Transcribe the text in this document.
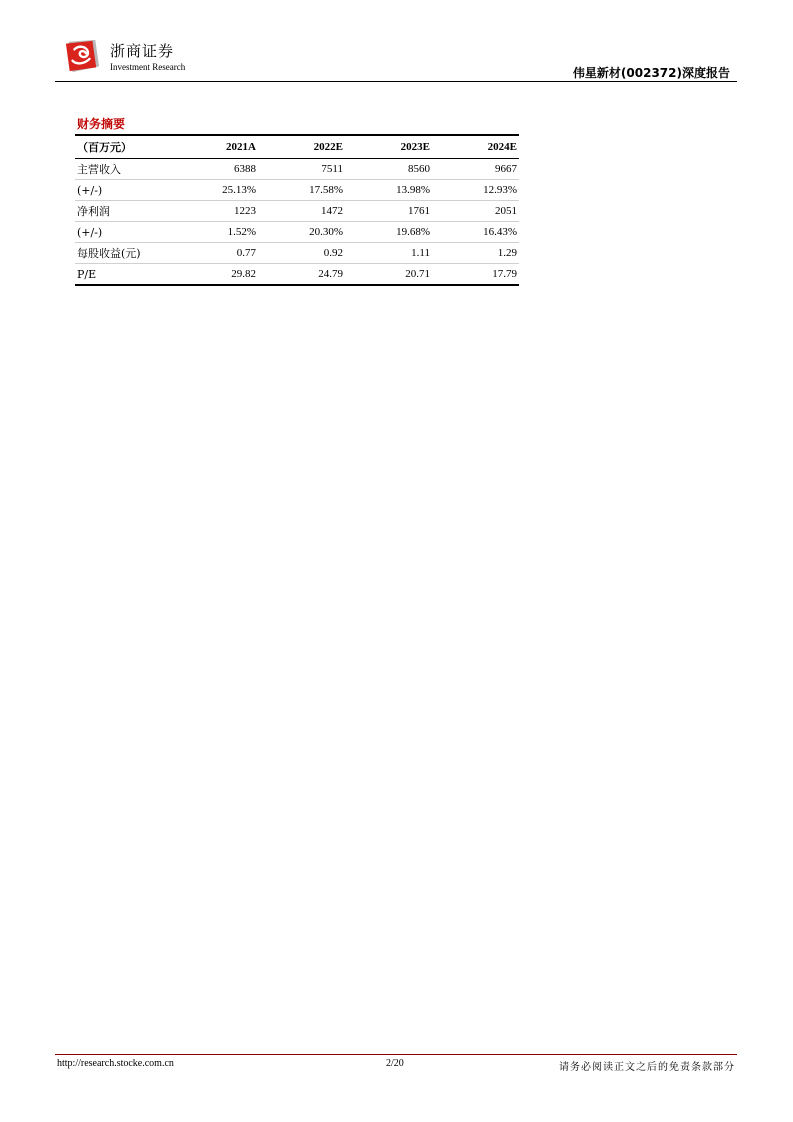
浙商证券
Investment Research	伟星新材(002372)深度报告
财务摘要
（百万元）	2021A	2022E	2023E	2024E
主营收入	6388	7511	8560	9667
(+/-)	25.13%	17.58%	13.98%	12.93%
净利润	1223	1472	1761	2051
(+/-)	1.52%	20.30%	19.68%	16.43%
每股收益(元)	0.77	0.92	1.11	1.29
P/E	29.82	24.79	20.71	17.79
http://research.stocke.com.cn	2/20	请务必阅读正文之后的免责条款部分
